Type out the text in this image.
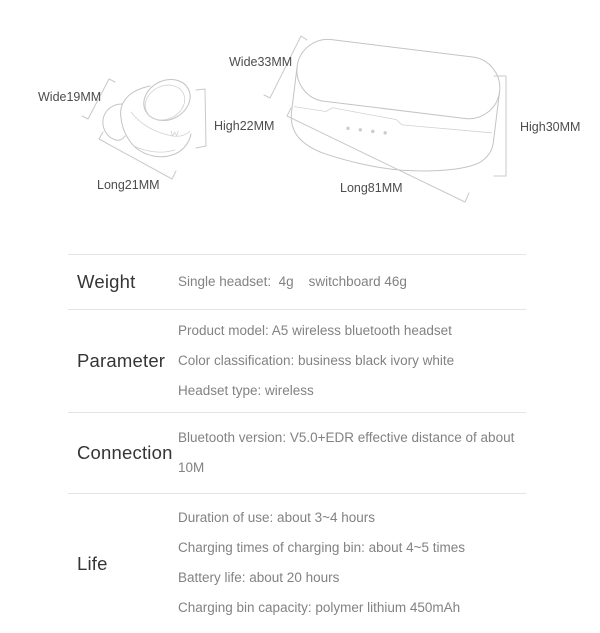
Wide19MM
High22MM
Long21MM
Wide33MM
High30MM
Long81MM
Weight	Single headset:  4g    switchboard 46g
Parameter
Product model: A5 wireless bluetooth headset
Color classification: business black ivory white
Headset type: wireless
Connection
Bluetooth version: V5.0+EDR effective distance of about 10M
Life
Duration of use: about 3~4 hours
Charging times of charging bin: about 4~5 times
Battery life: about 20 hours
Charging bin capacity: polymer lithium 450mAh
